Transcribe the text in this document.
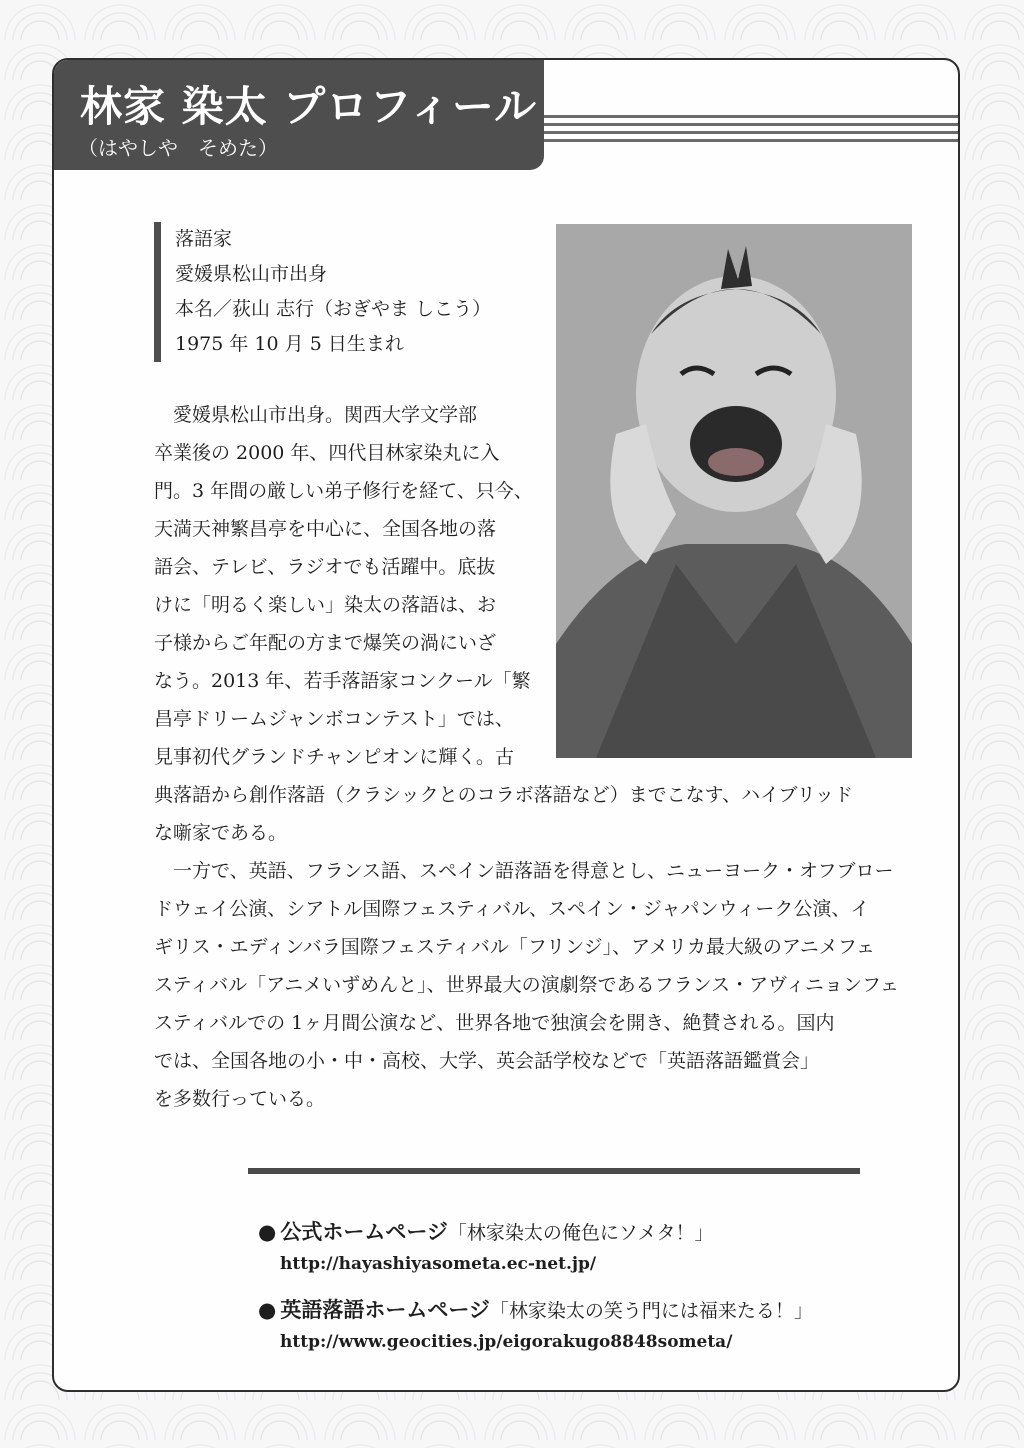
林家 染太 プロフィール
（はやしや　そめた）
落語家
愛媛県松山市出身
本名／荻山 志行（おぎやま しこう）
1975 年 10 月 5 日生まれ
　愛媛県松山市出身。関西大学文学部
卒業後の 2000 年、四代目林家染丸に入
門。3 年間の厳しい弟子修行を経て、只今、
天満天神繁昌亭を中心に、全国各地の落
語会、テレビ、ラジオでも活躍中。底抜
けに「明るく楽しい」染太の落語は、お
子様からご年配の方まで爆笑の渦にいざ
なう。2013 年、若手落語家コンクール「繁
昌亭ドリームジャンボコンテスト」では、
見事初代グランドチャンピオンに輝く。古
典落語から創作落語（クラシックとのコラボ落語など）までこなす、ハイブリッド
な噺家である。
　一方で、英語、フランス語、スペイン語落語を得意とし、ニューヨーク・オフブロー
ドウェイ公演、シアトル国際フェスティバル、スペイン・ジャパンウィーク公演、イ
ギリス・エディンバラ国際フェスティバル「フリンジ」、アメリカ最大級のアニメフェ
スティバル「アニメいずめんと」、世界最大の演劇祭であるフランス・アヴィニョンフェ
スティバルでの 1ヶ月間公演など、世界各地で独演会を開き、絶賛される。国内
では、全国各地の小・中・高校、大学、英会話学校などで「英語落語鑑賞会」
を多数行っている。
● 公式ホームページ「林家染太の俺色にソメタ！」
http://hayashiyasometa.ec-net.jp/
● 英語落語ホームページ「林家染太の笑う門には福来たる！」
http://www.geocities.jp/eigorakugo8848someta/
